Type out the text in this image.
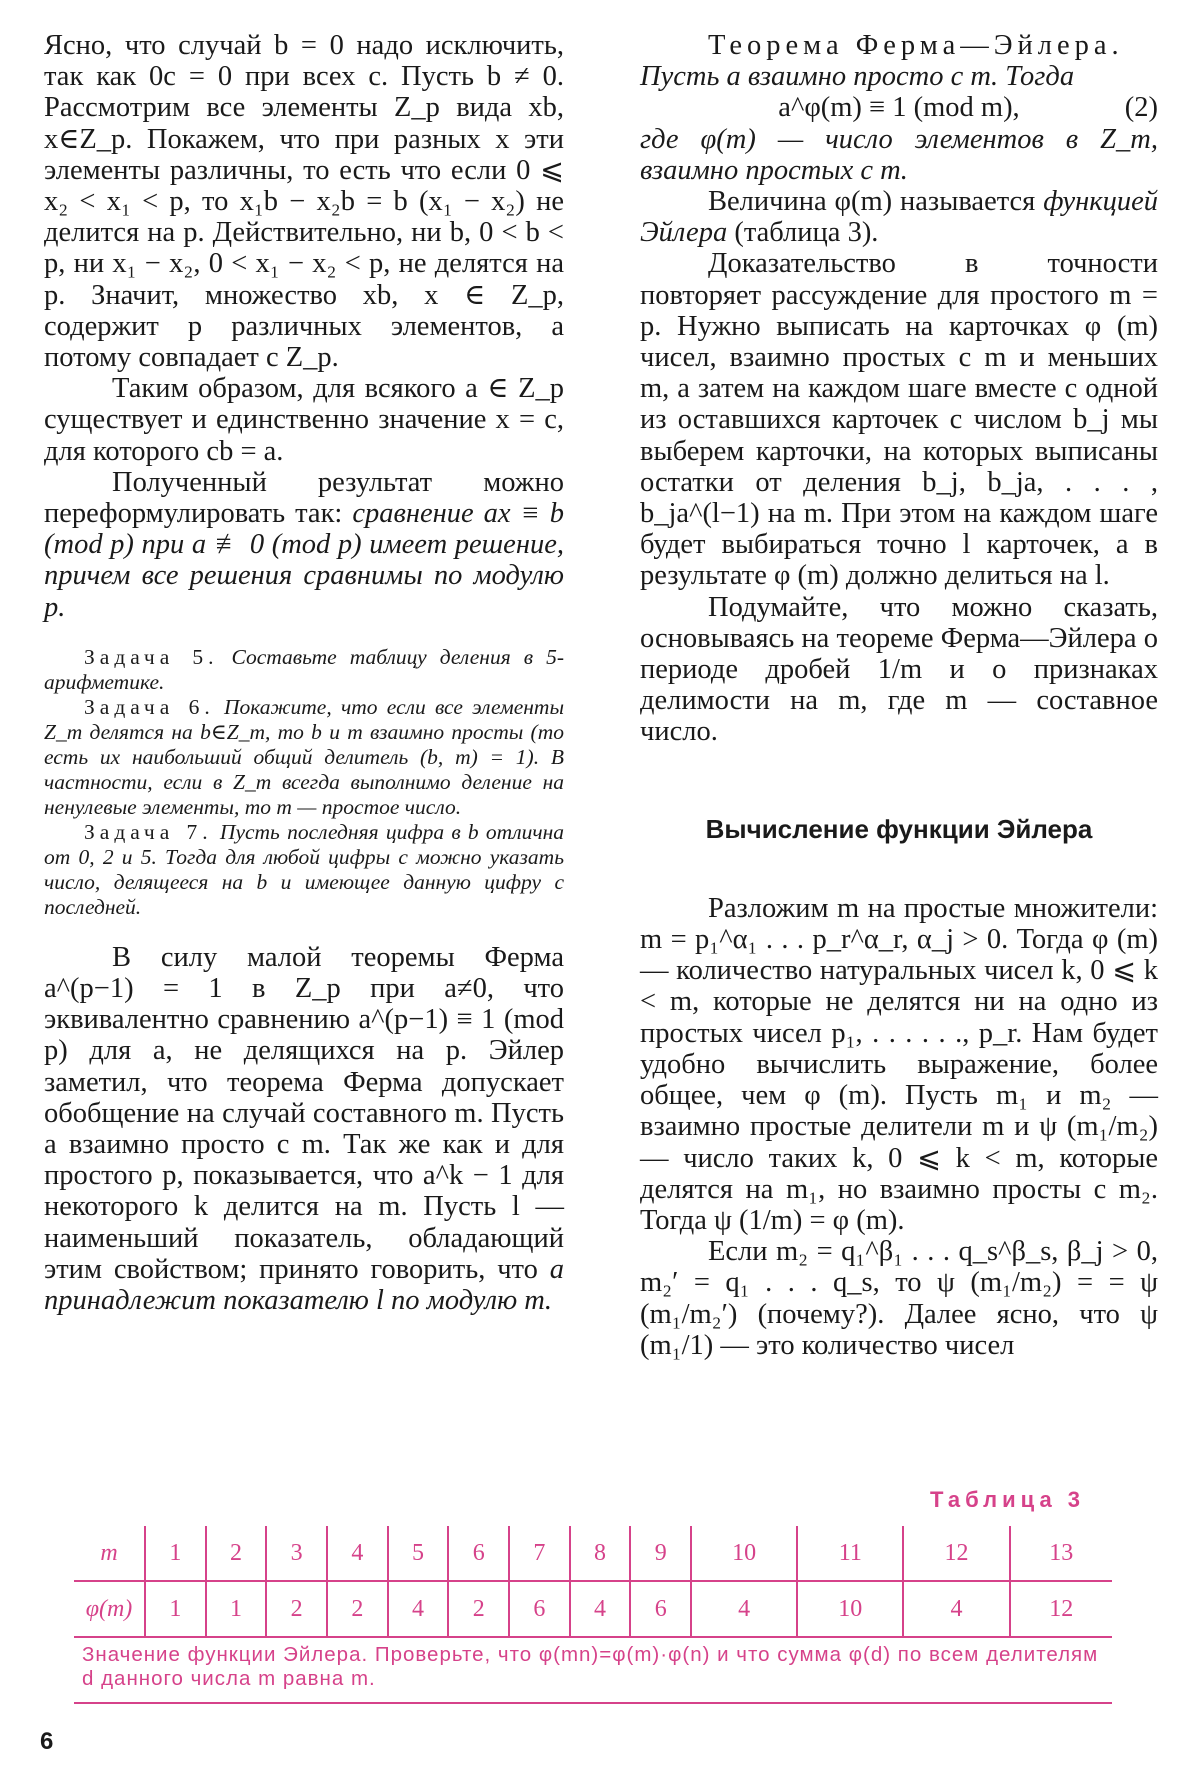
Ясно, что случай b = 0 надо исключить, так как 0c = 0 при всех c. Пусть b ≠ 0. Рассмотрим все элементы Z_p вида xb, x∈Z_p. Покажем, что при разных x эти элементы различны, то есть что если 0 ⩽ x₂ < x₁ < p, то x₁b − x₂b = b (x₁ − x₂) не делится на p. Действительно, ни b, 0 < b < p, ни x₁ − x₂, 0 < x₁ − x₂ < p, не делятся на p. Значит, множество xb, x ∈ Z_p, содержит p различных элементов, а потому совпадает с Z_p.

Таким образом, для всякого a ∈ Z_p существует и единственно значение x = c, для которого cb = a.

Полученный результат можно переформулировать так: сравнение ax ≡ b (mod p) при a ≢ 0 (mod p) имеет решение, причем все решения сравнимы по модулю p.

Задача 5. Составьте таблицу деления в 5-арифметике.

Задача 6. Покажите, что если все элементы Z_m делятся на b∈Z_m, то b и m взаимно просты (то есть их наибольший общий делитель (b, m) = 1). В частности, если в Z_m всегда выполнимо деление на ненулевые элементы, то m — простое число.

Задача 7. Пусть последняя цифра в b отлична от 0, 2 и 5. Тогда для любой цифры c можно указать число, делящееся на b и имеющее данную цифру c последней.

В силу малой теоремы Ферма a^(p−1) = 1 в Z_p при a≠0, что эквивалентно сравнению a^(p−1) ≡ 1 (mod p) для a, не делящихся на p. Эйлер заметил, что теорема Ферма допускает обобщение на случай составного m. Пусть a взаимно просто с m. Так же как и для простого p, показывается, что a^k − 1 для некоторого k делится на m. Пусть l — наименьший показатель, обладающий этим свойством; принято говорить, что a принадлежит показателю l по модулю m.

Теорема Ферма—Эйлера.

Пусть a взаимно просто с m. Тогда

a^φ(m) ≡ 1 (mod m),	(2)

где φ(m) — число элементов в Z_m, взаимно простых с m.

Величина φ(m) называется функцией Эйлера (таблица 3).

Доказательство в точности повторяет рассуждение для простого m = p. Нужно выписать на карточках φ (m) чисел, взаимно простых с m и меньших m, а затем на каждом шаге вместе с одной из оставшихся карточек с числом b_j мы выберем карточки, на которых выписаны остатки от деления b_j, b_ja, . . . , b_ja^(l−1) на m. При этом на каждом шаге будет выбираться точно l карточек, а в результате φ (m) должно делиться на l.

Подумайте, что можно сказать, основываясь на теореме Ферма—Эйлера о периоде дробей 1/m и о признаках делимости на m, где m — составное число.

Вычисление функции Эйлера

Разложим m на простые множители: m = p₁^α₁ . . . p_r^α_r, α_j > 0. Тогда φ (m) — количество натуральных чисел k, 0 ⩽ k < m, которые не делятся ни на одно из простых чисел p₁, . . . . . ., p_r. Нам будет удобно вычислить выражение, более общее, чем φ (m). Пусть m₁ и m₂ — взаимно простые делители m и ψ (m₁/m₂) — число таких k, 0 ⩽ k < m, которые делятся на m₁, но взаимно просты с m₂. Тогда ψ (1/m) = φ (m).

Если m₂ = q₁^β₁ . . . q_s^β_s, β_j > 0, m₂′ = q₁ . . . q_s, то ψ (m₁/m₂) = = ψ (m₁/m₂′) (почему?). Далее ясно, что ψ (m₁/1) — это количество чисел

Таблица 3
m	1	2	3	4	5	6	7	8	9	10	11	12	13
φ(m)	1	1	2	2	4	2	6	4	6	4	10	4	12
Значение функции Эйлера. Проверьте, что φ(mn)=φ(m)·φ(n) и что сумма φ(d) по всем делителям d данного числа m равна m.
6
